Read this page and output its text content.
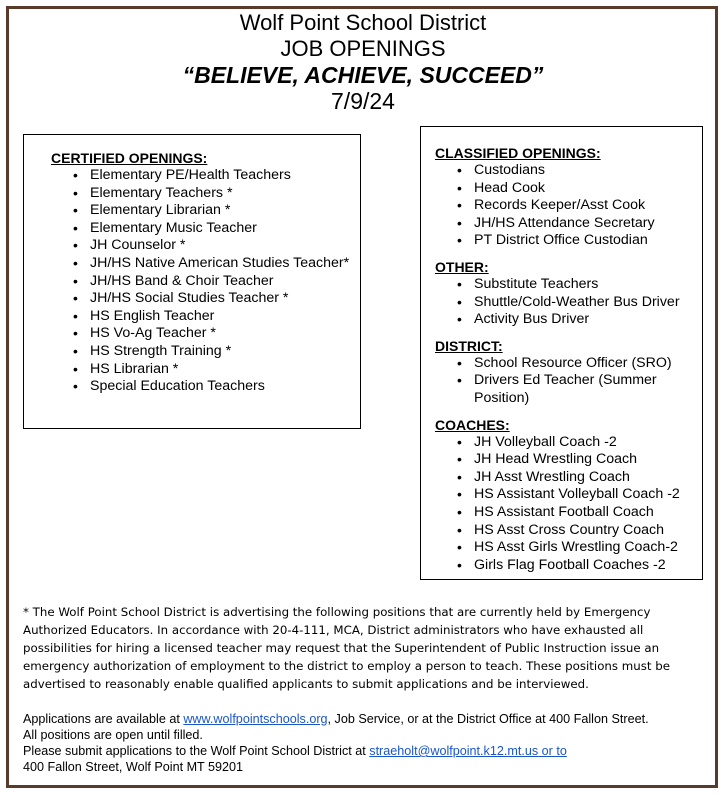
Wolf Point School District
JOB OPENINGS
“BELIEVE, ACHIEVE, SUCCEED”
7/9/24
CERTIFIED OPENINGS:
• Elementary PE/Health Teachers
• Elementary Teachers *
• Elementary Librarian *
• Elementary Music Teacher
• JH Counselor *
• JH/HS Native American Studies Teacher*
• JH/HS Band & Choir Teacher
• JH/HS Social Studies Teacher *
• HS English Teacher
• HS Vo-Ag Teacher *
• HS Strength Training *
• HS Librarian *
• Special Education Teachers
CLASSIFIED OPENINGS:
• Custodians
• Head Cook
• Records Keeper/Asst Cook
• JH/HS Attendance Secretary
• PT District Office Custodian
OTHER:
• Substitute Teachers
• Shuttle/Cold-Weather Bus Driver
• Activity Bus Driver
DISTRICT:
• School Resource Officer (SRO)
• Drivers Ed Teacher (Summer Position)
COACHES:
• JH Volleyball Coach -2
• JH Head Wrestling Coach
• JH Asst Wrestling Coach
• HS Assistant Volleyball Coach -2
• HS Assistant Football Coach
• HS Asst Cross Country Coach
• HS Asst Girls Wrestling Coach-2
• Girls Flag Football Coaches -2
* The Wolf Point School District is advertising the following positions that are currently held by Emergency Authorized Educators. In accordance with 20-4-111, MCA, District administrators who have exhausted all possibilities for hiring a licensed teacher may request that the Superintendent of Public Instruction issue an emergency authorization of employment to the district to employ a person to teach. These positions must be advertised to reasonably enable qualified applicants to submit applications and be interviewed.
Applications are available at www.wolfpointschools.org, Job Service, or at the District Office at 400 Fallon Street.
All positions are open until filled.
Please submit applications to the Wolf Point School District at straeholt@wolfpoint.k12.mt.us or to
400 Fallon Street, Wolf Point MT 59201
